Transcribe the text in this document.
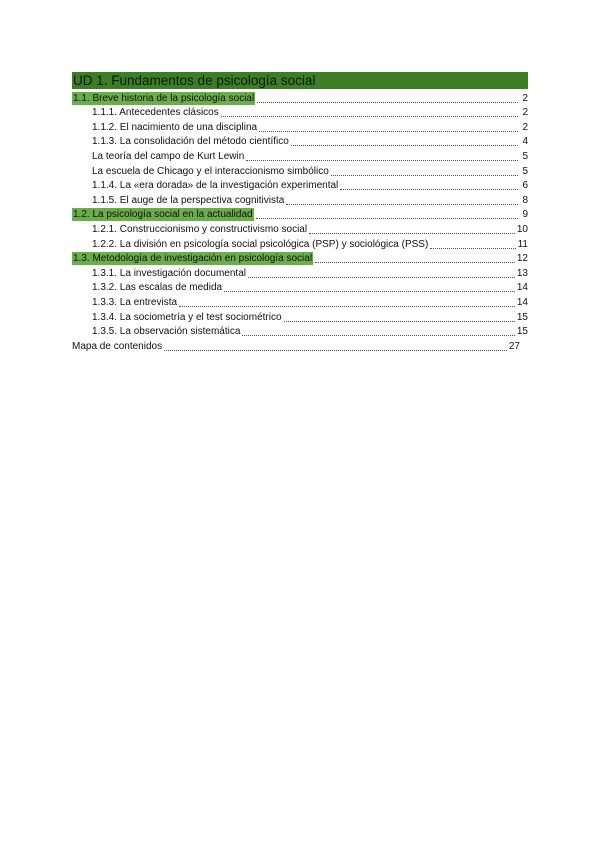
UD 1. Fundamentos de psicología social
1.1. Breve historia de la psicología social	2
1.1.1. Antecedentes clásicos	2
1.1.2. El nacimiento de una disciplina	2
1.1.3. La consolidación del método científico	4
La teoría del campo de Kurt Lewin	5
La escuela de Chicago y el interaccionismo simbólico	5
1.1.4. La «era dorada» de la investigación experimental	6
1.1.5. El auge de la perspectiva cognitivista	8
1.2. La psicología social en la actualidad	9
1.2.1. Construccionismo y constructivismo social	10
1.2.2. La división en psicología social psicológica (PSP) y sociológica (PSS)	11
1.3. Metodología de investigación en psicología social	12
1.3.1. La investigación documental	13
1.3.2. Las escalas de medida	14
1.3.3. La entrevista	14
1.3.4. La sociometría y el test sociométrico	15
1.3.5. La observación sistemática	15
Mapa de contenidos	27
